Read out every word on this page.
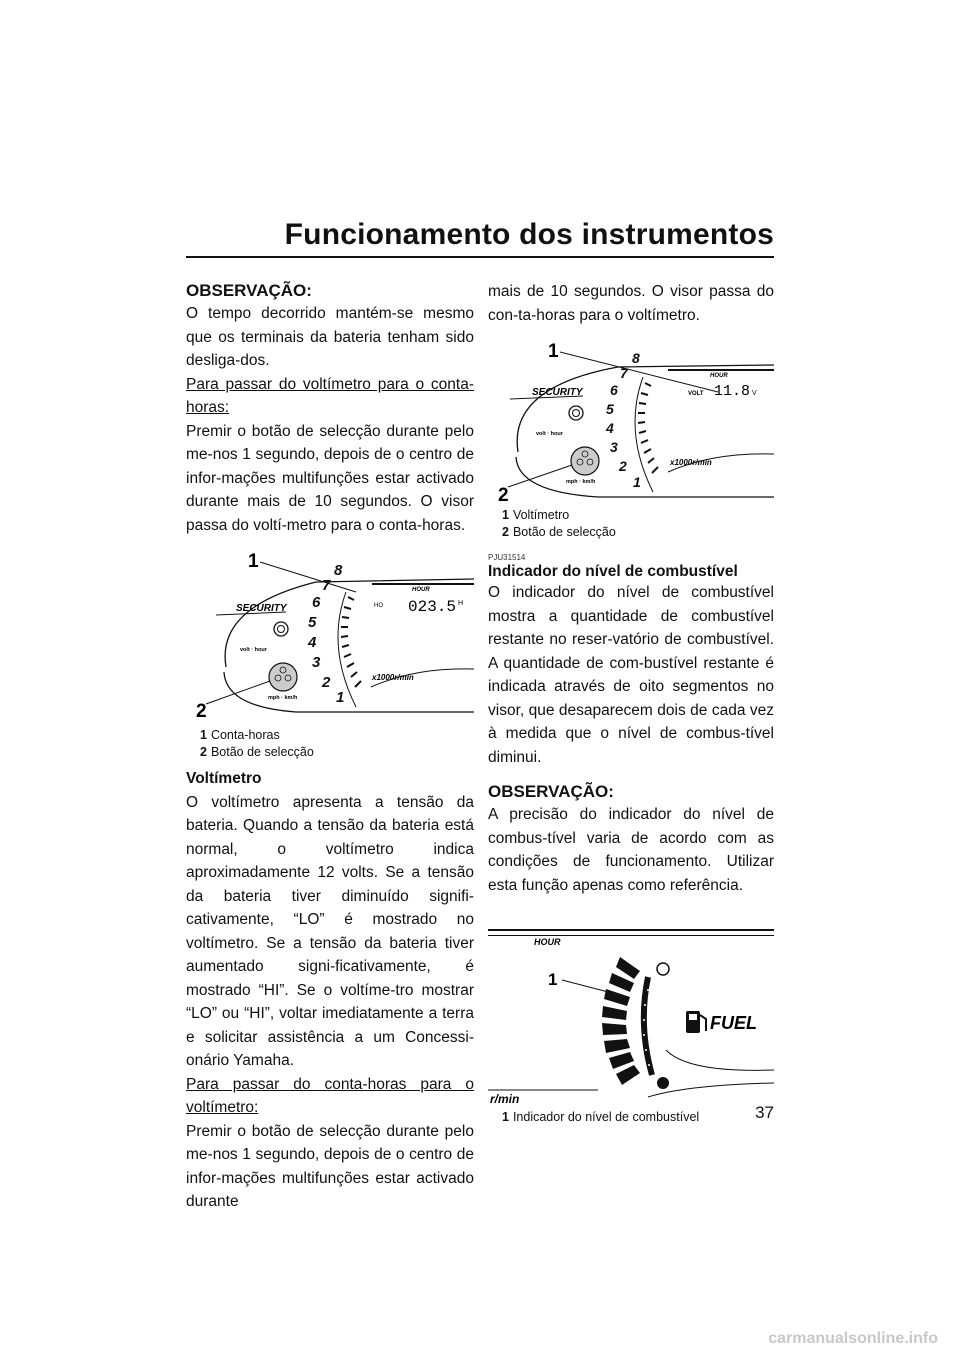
Funcionamento dos instrumentos

OBSERVAÇÃO:

O tempo decorrido mantém-se mesmo que os terminais da bateria tenham sido desliga-dos.

Para passar do voltímetro para o conta-horas:

Premir o botão de selecção durante pelo me-nos 1 segundo, depois de o centro de infor-mações multifunções estar activado durante mais de 10 segundos. O visor passa do voltí-metro para o conta-horas.

1
1
2
3
4
5
6
7
8
x1000r/min
HOUR
HO 023.5 H
SECURITY
volt · hour
mph · km/h
2
1 Conta-horas
2 Botão de selecção

Voltímetro

O voltímetro apresenta a tensão da bateria. Quando a tensão da bateria está normal, o voltímetro indica aproximadamente 12 volts. Se a tensão da bateria tiver diminuído signifi-cativamente, “LO” é mostrado no voltímetro. Se a tensão da bateria tiver aumentado signi-ficativamente, é mostrado “HI”. Se o voltíme-tro mostrar “LO” ou “HI”, voltar imediatamente a terra e solicitar assistência a um Concessi-onário Yamaha.

Para passar do conta-horas para o voltímetro:

Premir o botão de selecção durante pelo me-nos 1 segundo, depois de o centro de infor-mações multifunções estar activado durante

mais de 10 segundos. O visor passa do con-ta-horas para o voltímetro.

1
1
2
3
4
5
6
7
8
x1000r/min
HOUR
VOLT 11.8 V
SECURITY
volt · hour
mph · km/h
2
1 Voltímetro
2 Botão de selecção
PJU31514

Indicador do nível de combustível

O indicador do nível de combustível mostra a quantidade de combustível restante no reser-vatório de combustível. A quantidade de com-bustível restante é indicada através de oito segmentos no visor, que desaparecem dois de cada vez à medida que o nível de combus-tível diminui.

OBSERVAÇÃO:

A precisão do indicador do nível de combus-tível varia de acordo com as condições de funcionamento. Utilizar esta função apenas como referência.

HOUR
1
FUEL
r/min
1 Indicador do nível de combustível	37
carmanualsonline.info
